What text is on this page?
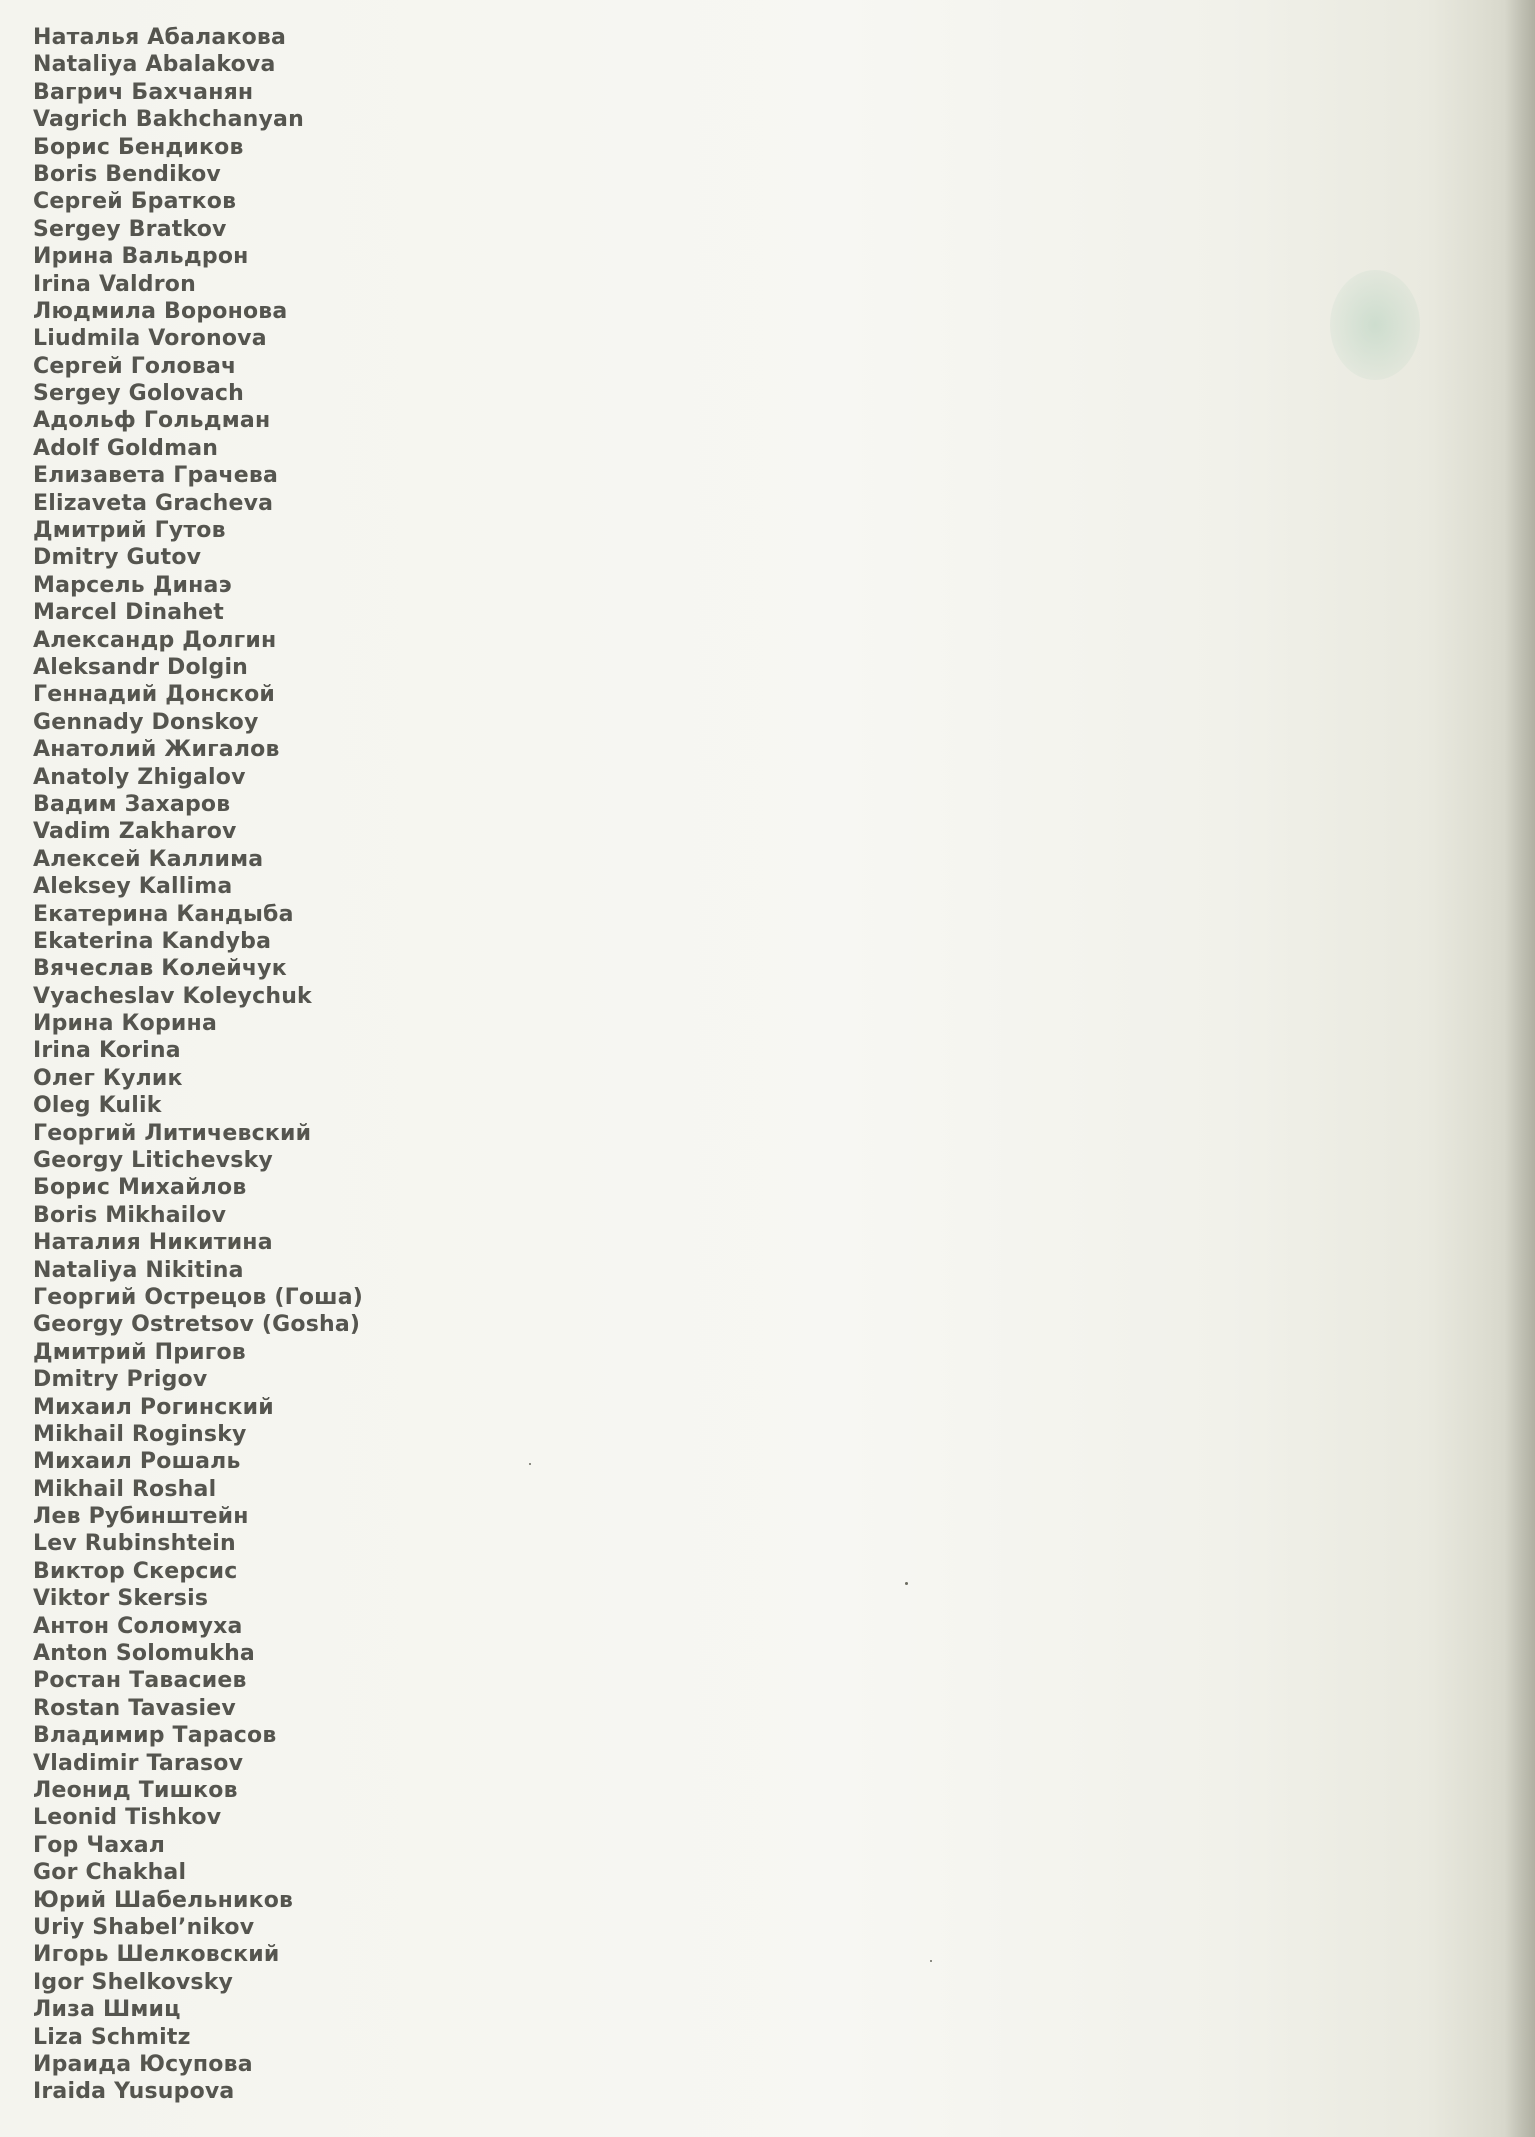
Наталья Абалакова
Nataliya Abalakova
Вагрич Бахчанян
Vagrich Bakhchanyan
Борис Бендиков
Boris Bendikov
Сергей Братков
Sergey Bratkov
Ирина Вальдрон
Irina Valdron
Людмила Воронова
Liudmila Voronova
Сергей Головач
Sergey Golovach
Адольф Гольдман
Adolf Goldman
Елизавета Грачева
Elizaveta Gracheva
Дмитрий Гутов
Dmitry Gutov
Марсель Динаэ
Marcel Dinahet
Александр Долгин
Aleksandr Dolgin
Геннадий Донской
Gennady Donskoy
Анатолий Жигалов
Anatoly Zhigalov
Вадим Захаров
Vadim Zakharov
Алексей Каллима
Aleksey Kallima
Екатерина Кандыба
Ekaterina Kandyba
Вячеслав Колейчук
Vyacheslav Koleychuk
Ирина Корина
Irina Korina
Олег Кулик
Oleg Kulik
Георгий Литичевский
Georgy Litichevsky
Борис Михайлов
Boris Mikhailov
Наталия Никитина
Nataliya Nikitina
Георгий Острецов (Гоша)
Georgy Ostretsov (Gosha)
Дмитрий Пригов
Dmitry Prigov
Михаил Рогинский
Mikhail Roginsky
Михаил Рошаль
Mikhail Roshal
Лев Рубинштейн
Lev Rubinshtein
Виктор Скерсис
Viktor Skersis
Антон Соломуха
Anton Solomukha
Ростан Тавасиев
Rostan Tavasiev
Владимир Тарасов
Vladimir Tarasov
Леонид Тишков
Leonid Tishkov
Гор Чахал
Gor Chakhal
Юрий Шабельников
Uriy Shabel’nikov
Игорь Шелковский
Igor Shelkovsky
Лиза Шмиц
Liza Schmitz
Ираида Юсупова
Iraida Yusupova
